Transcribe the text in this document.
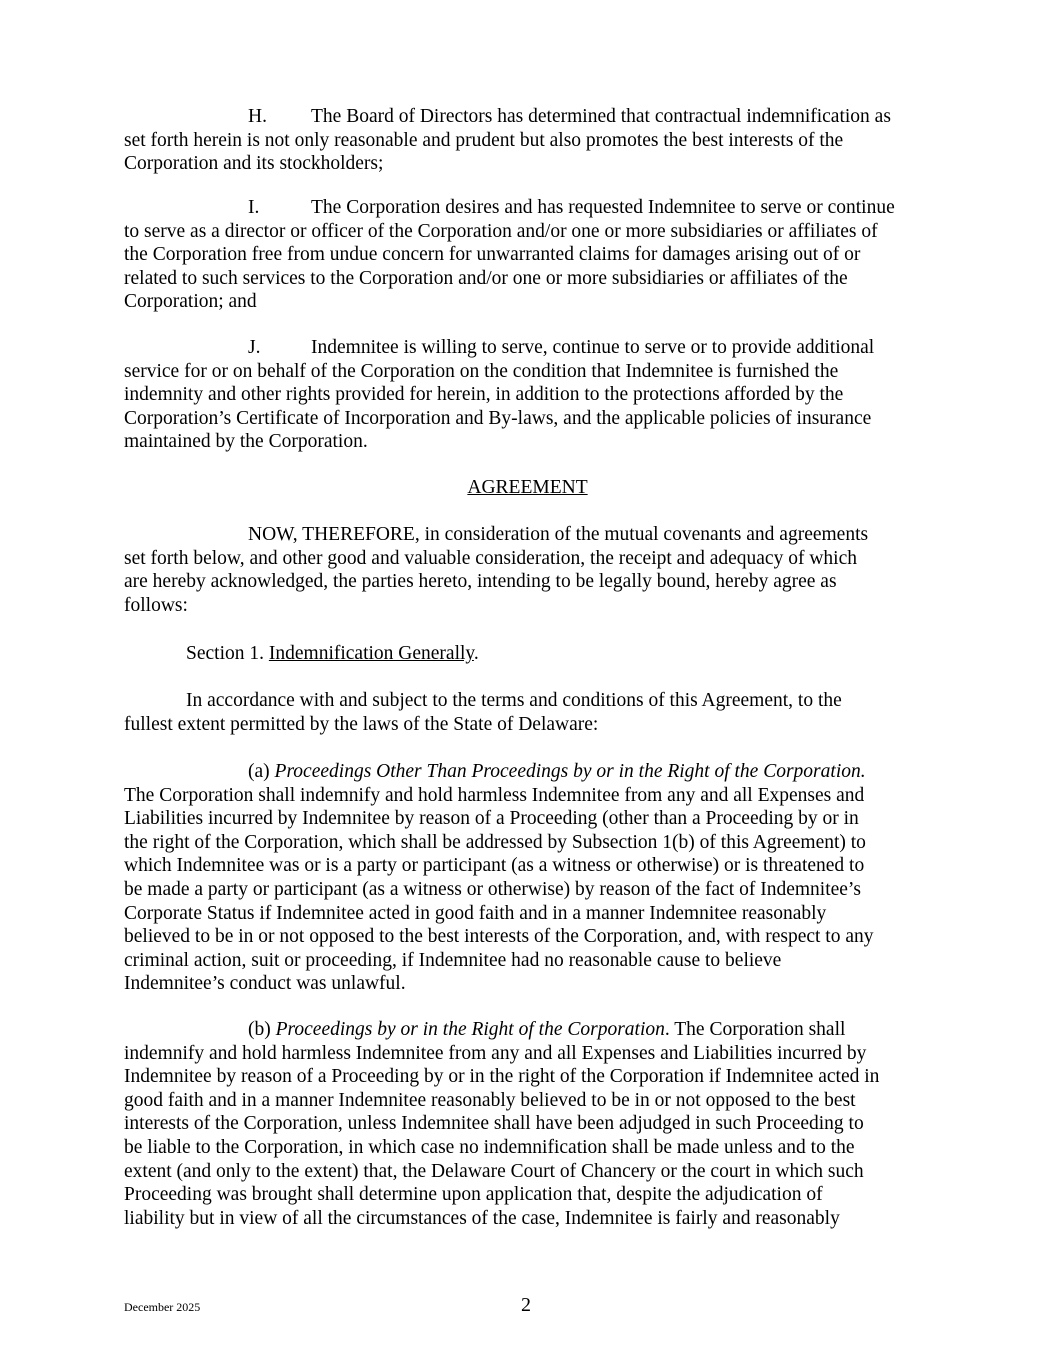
H. The Board of Directors has determined that contractual indemnification as
set forth herein is not only reasonable and prudent but also promotes the best interests of the
Corporation and its stockholders;
I.	The Corporation desires and has requested Indemnitee to serve or continue
to serve as a director or officer of the Corporation and/or one or more subsidiaries or affiliates of
the Corporation free from undue concern for unwarranted claims for damages arising out of or
related to such services to the Corporation and/or one or more subsidiaries or affiliates of the
Corporation; and
J.	Indemnitee is willing to serve, continue to serve or to provide additional
service for or on behalf of the Corporation on the condition that Indemnitee is furnished the
indemnity and other rights provided for herein, in addition to the protections afforded by the
Corporation’s Certificate of Incorporation and By-laws, and the applicable policies of insurance
maintained by the Corporation.
AGREEMENT
NOW, THEREFORE, in consideration of the mutual covenants and agreements
set forth below, and other good and valuable consideration, the receipt and adequacy of which
are hereby acknowledged, the parties hereto, intending to be legally bound, hereby agree as
follows:
Section 1. Indemnification Generally.
In accordance with and subject to the terms and conditions of this Agreement, to the
fullest extent permitted by the laws of the State of Delaware:
(a) Proceedings Other Than Proceedings by or in the Right of the Corporation.
The Corporation shall indemnify and hold harmless Indemnitee from any and all Expenses and
Liabilities incurred by Indemnitee by reason of a Proceeding (other than a Proceeding by or in
the right of the Corporation, which shall be addressed by Subsection 1(b) of this Agreement) to
which Indemnitee was or is a party or participant (as a witness or otherwise) or is threatened to
be made a party or participant (as a witness or otherwise) by reason of the fact of Indemnitee’s
Corporate Status if Indemnitee acted in good faith and in a manner Indemnitee reasonably
believed to be in or not opposed to the best interests of the Corporation, and, with respect to any
criminal action, suit or proceeding, if Indemnitee had no reasonable cause to believe
Indemnitee’s conduct was unlawful.
(b) Proceedings by or in the Right of the Corporation. The Corporation shall
indemnify and hold harmless Indemnitee from any and all Expenses and Liabilities incurred by
Indemnitee by reason of a Proceeding by or in the right of the Corporation if Indemnitee acted in
good faith and in a manner Indemnitee reasonably believed to be in or not opposed to the best
interests of the Corporation, unless Indemnitee shall have been adjudged in such Proceeding to
be liable to the Corporation, in which case no indemnification shall be made unless and to the
extent (and only to the extent) that, the Delaware Court of Chancery or the court in which such
Proceeding was brought shall determine upon application that, despite the adjudication of
liability but in view of all the circumstances of the case, Indemnitee is fairly and reasonably
December 2025	2
